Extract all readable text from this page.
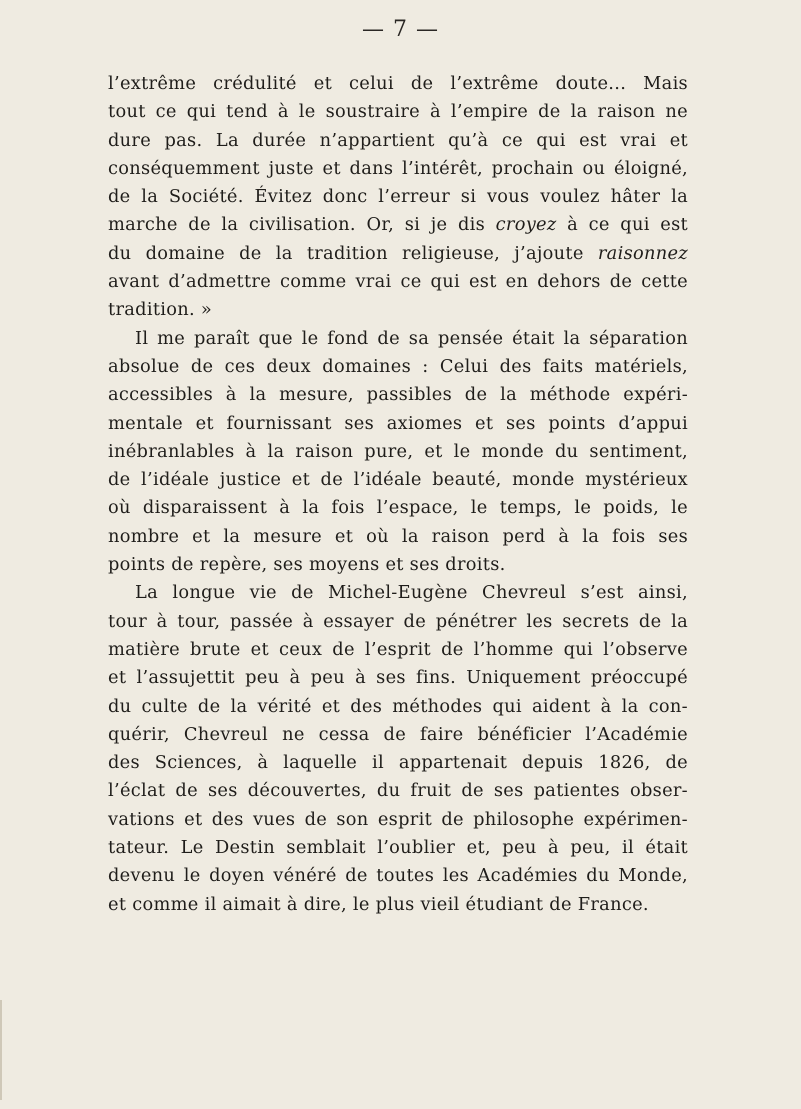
— 7 —
l’extrême crédulité et celui de l’extrême doute... Mais
tout ce qui tend à le soustraire à l’empire de la raison ne
dure pas. La durée n’appartient qu’à ce qui est vrai et
conséquemment juste et dans l’intérêt, prochain ou éloigné,
de la Société. Évitez donc l’erreur si vous voulez hâter la
marche de la civilisation. Or, si je dis croyez à ce qui est
du domaine de la tradition religieuse, j’ajoute raisonnez
avant d’admettre comme vrai ce qui est en dehors de cette
tradition. »
Il me paraît que le fond de sa pensée était la séparation
absolue de ces deux domaines : Celui des faits matériels,
accessibles à la mesure, passibles de la méthode expéri-
mentale et fournissant ses axiomes et ses points d’appui
inébranlables à la raison pure, et le monde du sentiment,
de l’idéale justice et de l’idéale beauté, monde mystérieux
où disparaissent à la fois l’espace, le temps, le poids, le
nombre et la mesure et où la raison perd à la fois ses
points de repère, ses moyens et ses droits.
La longue vie de Michel-Eugène Chevreul s’est ainsi,
tour à tour, passée à essayer de pénétrer les secrets de la
matière brute et ceux de l’esprit de l’homme qui l’observe
et l’assujettit peu à peu à ses fins. Uniquement préoccupé
du culte de la vérité et des méthodes qui aident à la con-
quérir, Chevreul ne cessa de faire bénéficier l’Académie
des Sciences, à laquelle il appartenait depuis 1826, de
l’éclat de ses découvertes, du fruit de ses patientes obser-
vations et des vues de son esprit de philosophe expérimen-
tateur. Le Destin semblait l’oublier et, peu à peu, il était
devenu le doyen vénéré de toutes les Académies du Monde,
et comme il aimait à dire, le plus vieil étudiant de France.
